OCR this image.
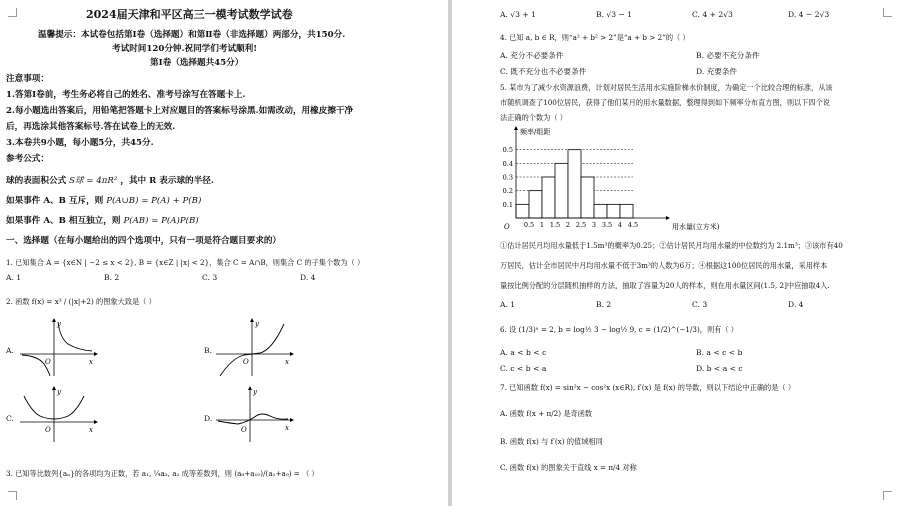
2024届天津和平区高三一模考试数学试卷
温馨提示：本试卷包括第Ⅰ卷（选择题）和第Ⅱ卷（非选择题）两部分，共150分.
考试时间120分钟.祝同学们考试顺利!
第Ⅰ卷（选择题共45分）
注意事项：
1.答第Ⅰ卷前，考生务必将自己的姓名、准考号涂写在答题卡上.
2.每小题选出答案后，用铅笔把答题卡上对应题目的答案标号涂黑.如需改动，用橡皮擦干净
后，再选涂其他答案标号.答在试卷上的无效.
3.本卷共9小题，每小题5分，共45分.
参考公式：
球的表面积公式 S球 = 4πR² ，其中 R 表示球的半径.
如果事件 A、B 互斥，则 P(A∪B) = P(A) + P(B)
如果事件 A、B 相互独立，则 P(AB) = P(A)P(B)
一、选择题（在每小题给出的四个选项中，只有一项是符合题目要求的）
1. 已知集合 A = {x∈N | −2 ≤ x < 2}, B = {x∈Z | |x| < 2}，集合 C = A∩B，则集合 C 的子集个数为（ ）
A. 1	B. 2	C. 3	D. 4
2. 函数 f(x) = x³ / (|x|+2) 的图象大致是（ ）
A.
O	x
y
B.
O	x
y
C.
O	x
y
D.
O	x
y
3. 已知等比数列{aₙ}的各项均为正数，若 a₁, ¼a₃, a₂ 成等差数列，则 (a₈+a₁₀)/(a₁+a₉) = （ ）
A. √3 + 1	B. √3 − 1	C. 4 + 2√3	D. 4 − 2√3
4. 已知 a, b ∈ R，则“a² + b² > 2”是“a + b > 2”的（ ）
A. 充分不必要条件	B. 必要不充分条件
C. 既不充分也不必要条件	D. 充要条件
5. 某市为了减少水资源浪费，计划对居民生活用水实施阶梯水价制度，为确定一个比较合理的标准，从该
市随机调查了100位居民，获得了他们某月的用水量数据，整理得到如下频率分布直方图，则以下四个说
法正确的个数为（ ）
频率/组距
用水量(立方米)
O
0.1
0.2
0.3
0.4
0.5
0.5 1 1.5 2 2.5 3 3.5 4 4.5
①估计居民月均用水量低于1.5m³的概率为0.25；②估计居民月均用水量的中位数约为 2.1m³；③该市有40
万居民，估计全市居民中月均用水量不低于3m³的人数为6万；④根据这100位居民的用水量，采用样本
量按比例分配的分层随机抽样的方法，抽取了容量为20人的样本，则在用水量区间(1.5, 2]中应抽取4人.
A. 1	B. 2	C. 3	D. 4
6. 设 (1/3)ᵃ = 2, b = log½ 3 − log½ 9, c = (1/2)^(−1/3)，则有（ ）
A. a < b < c	B. a < c < b
C. c < b < a	D. b < a < c
7. 已知函数 f(x) = sin²x − cos²x (x∈R), f′(x) 是 f(x) 的导数，则以下结论中正确的是（ ）
A. 函数 f(x + π/2) 是奇函数
B. 函数 f(x) 与 f′(x) 的值域相同
C. 函数 f(x) 的图象关于直线 x = π/4 对称
